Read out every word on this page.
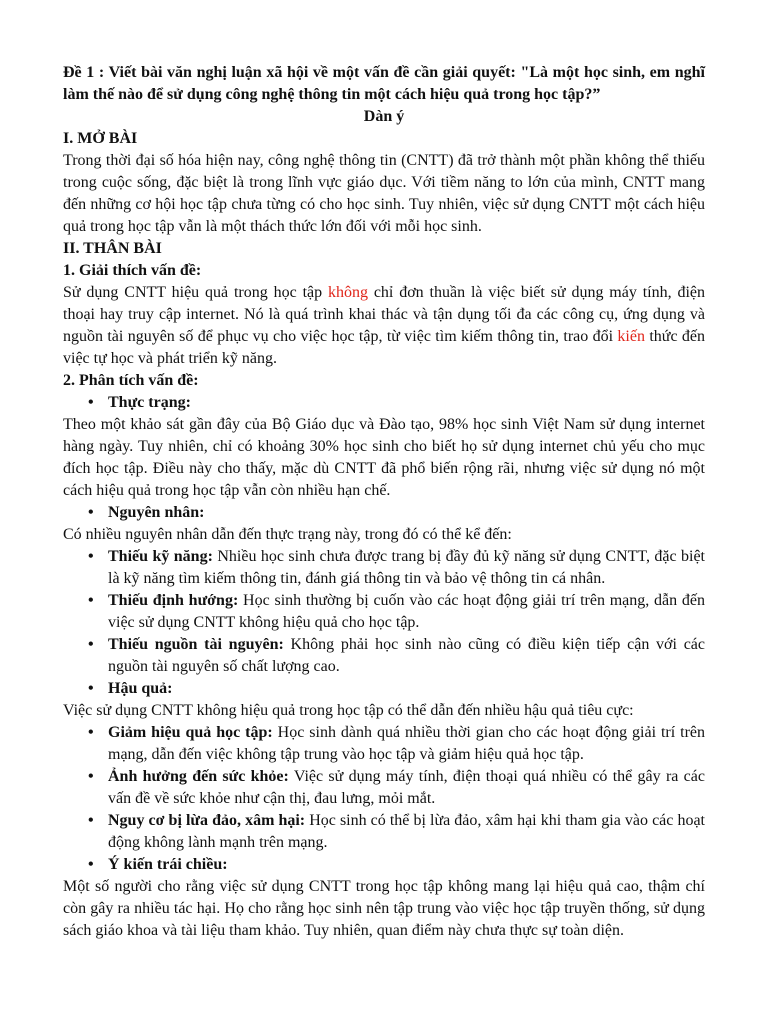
Đề 1 : Viết bài văn nghị luận xã hội về một vấn đề cần giải quyết: "Là một học sinh, em nghĩ làm thế nào để sử dụng công nghệ thông tin một cách hiệu quả trong học tập?”

Dàn ý

I. MỞ BÀI

Trong thời đại số hóa hiện nay, công nghệ thông tin (CNTT) đã trở thành một phần không thể thiếu trong cuộc sống, đặc biệt là trong lĩnh vực giáo dục. Với tiềm năng to lớn của mình, CNTT mang đến những cơ hội học tập chưa từng có cho học sinh. Tuy nhiên, việc sử dụng CNTT một cách hiệu quả trong học tập vẫn là một thách thức lớn đối với mỗi học sinh.

II. THÂN BÀI

1. Giải thích vấn đề:

Sử dụng CNTT hiệu quả trong học tập không chỉ đơn thuần là việc biết sử dụng máy tính, điện thoại hay truy cập internet. Nó là quá trình khai thác và tận dụng tối đa các công cụ, ứng dụng và nguồn tài nguyên số để phục vụ cho việc học tập, từ việc tìm kiếm thông tin, trao đổi kiến thức đến việc tự học và phát triển kỹ năng.

2. Phân tích vấn đề:

• Thực trạng:

Theo một khảo sát gần đây của Bộ Giáo dục và Đào tạo, 98% học sinh Việt Nam sử dụng internet hàng ngày. Tuy nhiên, chỉ có khoảng 30% học sinh cho biết họ sử dụng internet chủ yếu cho mục đích học tập. Điều này cho thấy, mặc dù CNTT đã phổ biến rộng rãi, nhưng việc sử dụng nó một cách hiệu quả trong học tập vẫn còn nhiều hạn chế.

• Nguyên nhân:

Có nhiều nguyên nhân dẫn đến thực trạng này, trong đó có thể kể đến:

• Thiếu kỹ năng: Nhiều học sinh chưa được trang bị đầy đủ kỹ năng sử dụng CNTT, đặc biệt là kỹ năng tìm kiếm thông tin, đánh giá thông tin và bảo vệ thông tin cá nhân.
• Thiếu định hướng: Học sinh thường bị cuốn vào các hoạt động giải trí trên mạng, dẫn đến việc sử dụng CNTT không hiệu quả cho học tập.
• Thiếu nguồn tài nguyên: Không phải học sinh nào cũng có điều kiện tiếp cận với các nguồn tài nguyên số chất lượng cao.
• Hậu quả:

Việc sử dụng CNTT không hiệu quả trong học tập có thể dẫn đến nhiều hậu quả tiêu cực:

• Giảm hiệu quả học tập: Học sinh dành quá nhiều thời gian cho các hoạt động giải trí trên mạng, dẫn đến việc không tập trung vào học tập và giảm hiệu quả học tập.
• Ảnh hưởng đến sức khỏe: Việc sử dụng máy tính, điện thoại quá nhiều có thể gây ra các vấn đề về sức khỏe như cận thị, đau lưng, mỏi mắt.
• Nguy cơ bị lừa đảo, xâm hại: Học sinh có thể bị lừa đảo, xâm hại khi tham gia vào các hoạt động không lành mạnh trên mạng.
• Ý kiến trái chiều:

Một số người cho rằng việc sử dụng CNTT trong học tập không mang lại hiệu quả cao, thậm chí còn gây ra nhiều tác hại. Họ cho rằng học sinh nên tập trung vào việc học tập truyền thống, sử dụng sách giáo khoa và tài liệu tham khảo. Tuy nhiên, quan điểm này chưa thực sự toàn diện.
